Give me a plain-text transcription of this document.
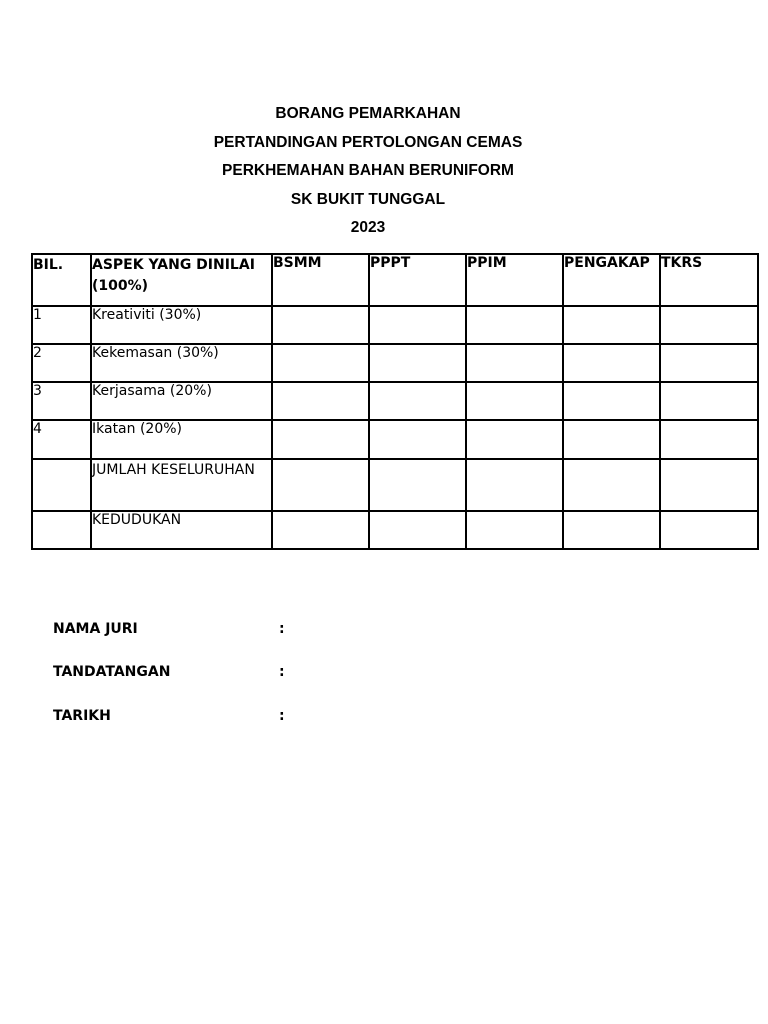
BORANG PEMARKAHAN
PERTANDINGAN PERTOLONGAN CEMAS
PERKHEMAHAN BAHAN BERUNIFORM
SK BUKIT TUNGGAL
2023
BIL.	ASPEK YANG DINILAI (100%)	BSMM	PPPT	PPIM	PENGAKAP	TKRS
1	Kreativiti (30%)					
2	Kekemasan (30%)					
3	Kerjasama (20%)					
4	Ikatan (20%)					
	JUMLAH KESELURUHAN					
	KEDUDUKAN					
NAMA JURI	:
TANDATANGAN	:
TARIKH	:
